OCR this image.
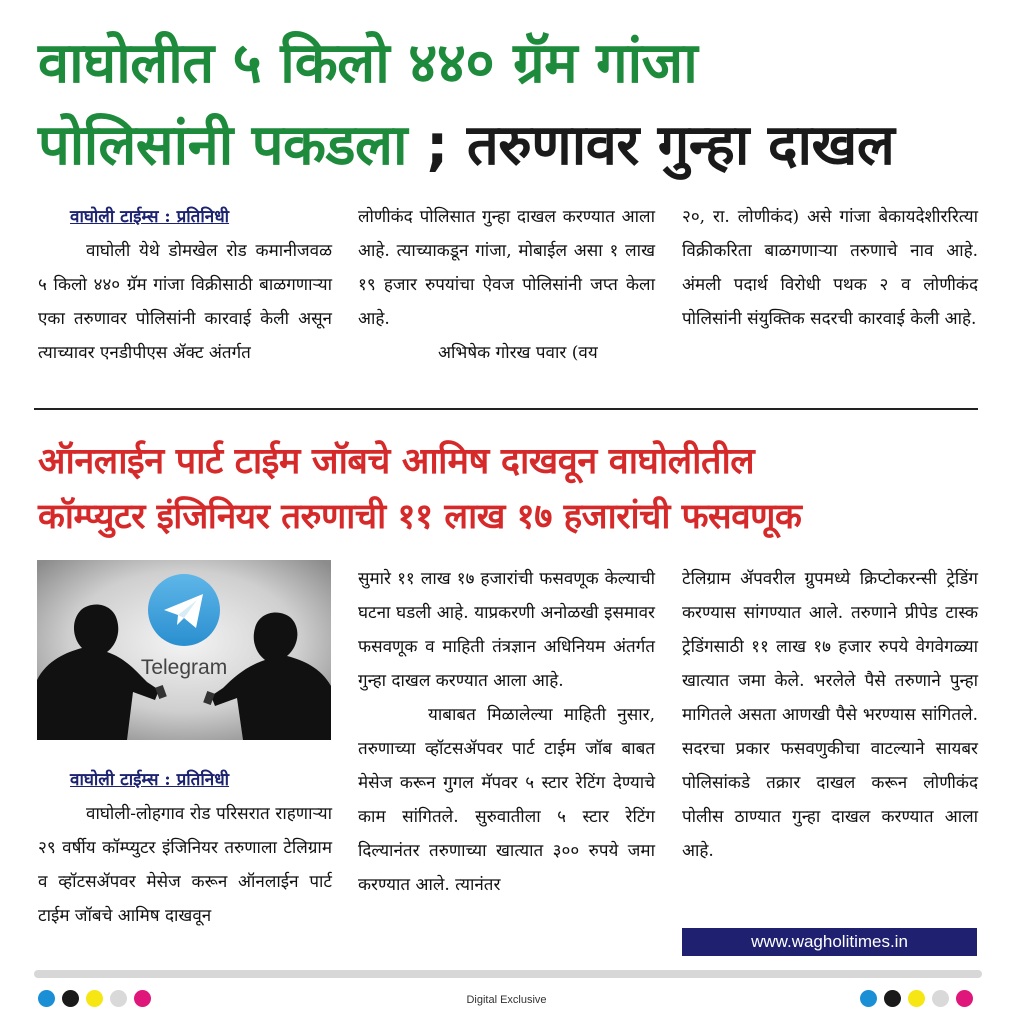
वाघोलीत ५ किलो ४४० ग्रॅम गांजा
पोलिसांनी पकडला ; तरुणावर गुन्हा दाखल
वाघोली टाईम्स : प्रतिनिधी
वाघोली येथे डोमखेल रोड कमानीजवळ ५ किलो ४४० ग्रॅम गांजा विक्रीसाठी बाळगणाऱ्या एका तरुणावर पोलिसांनी कारवाई केली असून त्याच्यावर एनडीपीएस ॲक्ट अंतर्गत
लोणीकंद पोलिसात गुन्हा दाखल करण्यात आला आहे. त्याच्याकडून गांजा, मोबाईल असा १ लाख १९ हजार रुपयांचा ऐवज पोलिसांनी जप्त केला आहे.
अभिषेक गोरख पवार (वय
२०, रा. लोणीकंद) असे गांजा बेकायदेशीररित्या विक्रीकरिता बाळगणाऱ्या तरुणाचे नाव आहे. अंमली पदार्थ विरोधी पथक २ व लोणीकंद पोलिसांनी संयुक्तिक सदरची कारवाई केली आहे.
ऑनलाईन पार्ट टाईम जॉबचे आमिष दाखवून वाघोलीतील
कॉम्प्युटर इंजिनियर तरुणाची ११ लाख १७ हजारांची फसवणूक
Telegram
वाघोली टाईम्स : प्रतिनिधी
वाघोली-लोहगाव रोड परिसरात राहणाऱ्या २९ वर्षीय कॉम्प्युटर इंजिनियर तरुणाला टेलिग्राम व व्हॉटसॲपवर मेसेज करून ऑनलाईन पार्ट टाईम जॉबचे आमिष दाखवून
सुमारे ११ लाख १७ हजारांची फसवणूक केल्याची घटना घडली आहे. याप्रकरणी अनोळखी इसमावर फसवणूक व माहिती तंत्रज्ञान अधिनियम अंतर्गत गुन्हा दाखल करण्यात आला आहे.
याबाबत मिळालेल्या माहिती नुसार, तरुणाच्या व्हॉटसॲपवर पार्ट टाईम जॉब बाबत मेसेज करून गुगल मॅपवर ५ स्टार रेटिंग देण्याचे काम सांगितले. सुरुवातीला ५ स्टार रेटिंग दिल्यानंतर तरुणाच्या खात्यात ३०० रुपये जमा करण्यात आले. त्यानंतर
टेलिग्राम ॲपवरील ग्रुपमध्ये क्रिप्टोकरन्सी ट्रेडिंग करण्यास सांगण्यात आले. तरुणाने प्रीपेड टास्क ट्रेडिंगसाठी ११ लाख १७ हजार रुपये वेगवेगळ्या खात्यात जमा केले. भरलेले पैसे तरुणाने पुन्हा मागितले असता आणखी पैसे भरण्यास सांगितले. सदरचा प्रकार फसवणुकीचा वाटल्याने सायबर पोलिसांकडे तक्रार दाखल करून लोणीकंद पोलीस ठाण्यात गुन्हा दाखल करण्यात आला आहे.
www.wagholitimes.in
Digital Exclusive
